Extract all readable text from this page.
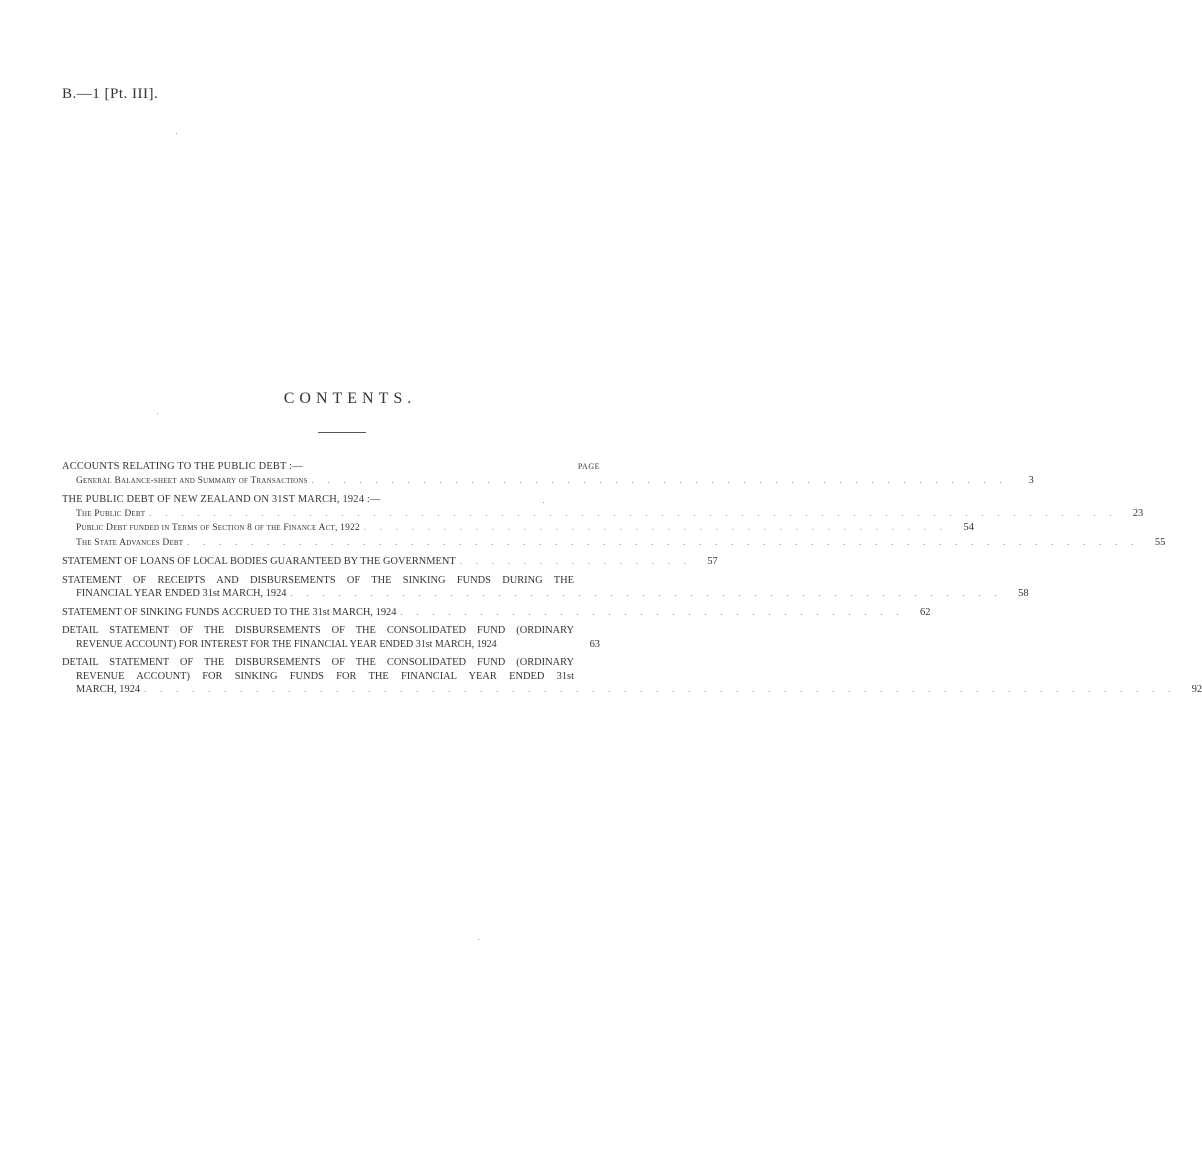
B.—1 [Pt. III].
CONTENTS.
PAGE
ACCOUNTS RELATING TO THE PUBLIC DEBT :—
General Balance-sheet and Summary of Transactions . . . . . . . . . . . . . . . . . . . . . . . . . . . . . . . . . . . . . . . . . . . .	3
THE PUBLIC DEBT OF NEW ZEALAND ON 31ST MARCH, 1924 :—
The Public Debt . . . . . . . . . . . . . . . . . . . . . . . . . . . . . . . . . . . . . . . . . . . . . . . . . . . . . . . . . . . . .	23
Public Debt funded in Terms of Section 8 of the Finance Act, 1922 . . . . . . . . . . . . . . . . . . . . . . . . . . . . . . . . . . . . .	54
The State Advances Debt . . . . . . . . . . . . . . . . . . . . . . . . . . . . . . . . . . . . . . . . . . . . . . . . . . . . . . . . . . . .	55
STATEMENT OF LOANS OF LOCAL BODIES GUARANTEED BY THE GOVERNMENT . . . . . . . . . . . . . . .	57
STATEMENT OF RECEIPTS AND DISBURSEMENTS OF THE SINKING FUNDS DURING THE
FINANCIAL YEAR ENDED 31st MARCH, 1924 . . . . . . . . . . . . . . . . . . . . . . . . . . . . . . . . . . . . . . . . . . . . .	58
STATEMENT OF SINKING FUNDS ACCRUED TO THE 31st MARCH, 1924 . . . . . . . . . . . . . . . . . . . . . . . . . . . . . . . .	62
DETAIL STATEMENT OF THE DISBURSEMENTS OF THE CONSOLIDATED FUND (ORDINARY
REVENUE ACCOUNT) FOR INTEREST FOR THE FINANCIAL YEAR ENDED 31st MARCH, 1924	63
DETAIL STATEMENT OF THE DISBURSEMENTS OF THE CONSOLIDATED FUND (ORDINARY
REVENUE ACCOUNT) FOR SINKING FUNDS FOR THE FINANCIAL YEAR ENDED 31st
MARCH, 1924 . . . . . . . . . . . . . . . . . . . . . . . . . . . . . . . . . . . . . . . . . . . . . . . . . . . . . . . . . . . . . . . . .	92
